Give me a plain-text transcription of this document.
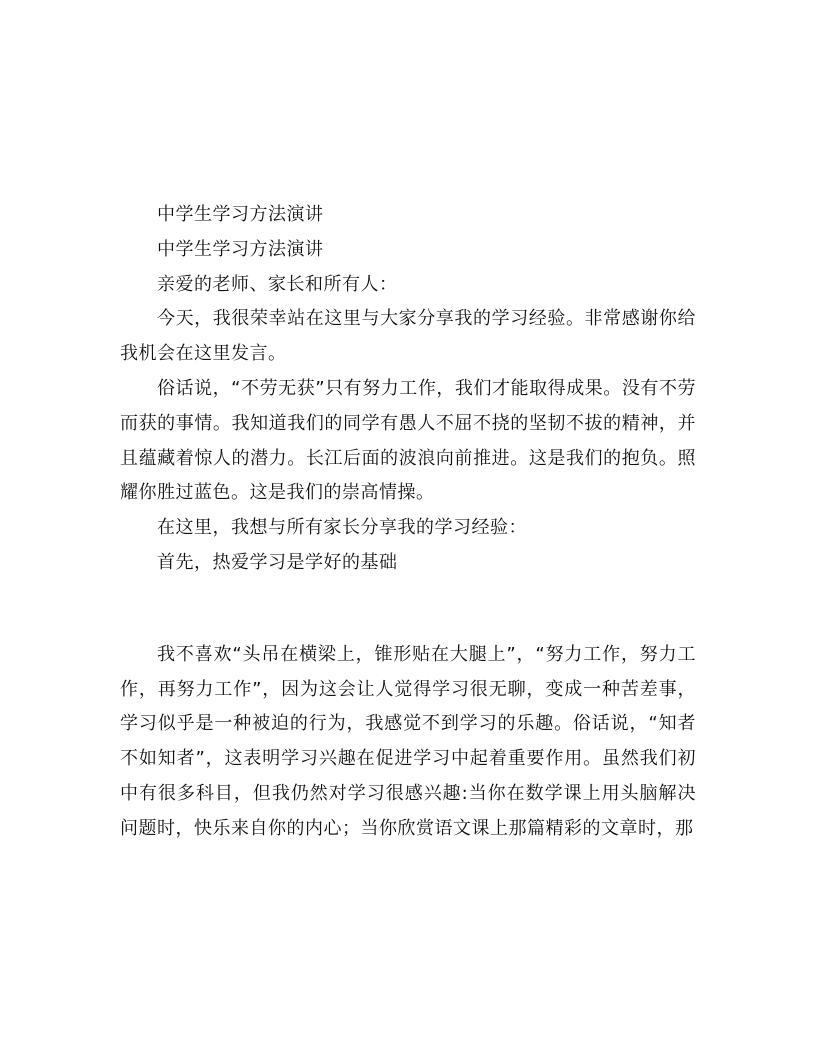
中学生学习方法演讲

中学生学习方法演讲

亲爱的老师、家长和所有人：

今天，我很荣幸站在这里与大家分享我的学习经验。非常感谢你给我机会在这里发言。

俗话说，“不劳无获”只有努力工作，我们才能取得成果。没有不劳而获的事情。我知道我们的同学有愚人不屈不挠的坚韧不拔的精神，并且蕴藏着惊人的潜力。长江后面的波浪向前推进。这是我们的抱负。照耀你胜过蓝色。这是我们的崇高情操。

在这里，我想与所有家长分享我的学习经验：

首先，热爱学习是学好的基础

我不喜欢“头吊在横梁上，锥形贴在大腿上”，“努力工作，努力工作，再努力工作”，因为这会让人觉得学习很无聊，变成一种苦差事，学习似乎是一种被迫的行为，我感觉不到学习的乐趣。俗话说，“知者不如知者”，这表明学习兴趣在促进学习中起着重要作用。虽然我们初中有很多科目，但我仍然对学习很感兴趣:当你在数学课上用头脑解决问题时，快乐来自你的内心；当你欣赏语文课上那篇精彩的文章时，那
